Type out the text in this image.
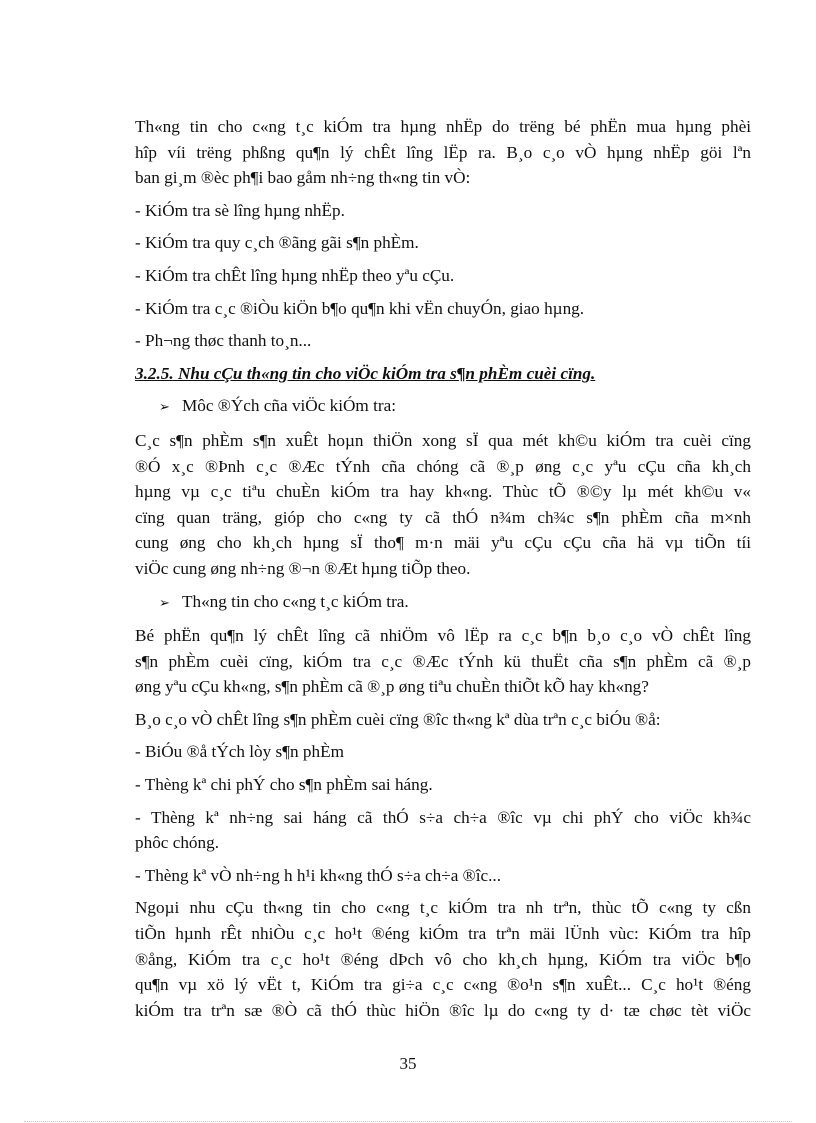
Th«ng tin cho c«ng t¸c kiÓm tra hµng nhËp do trëng bé phËn mua hµng phèi
hîp víi trëng phßng qu¶n lý chÊt lîng lËp ra. B¸o c¸o vÒ hµng nhËp göi lªn
ban gi¸m ®èc ph¶i bao gåm nh÷ng th«ng tin vÒ:
- KiÓm tra sè lîng hµng nhËp.
- KiÓm tra quy c¸ch ®ãng gãi s¶n phÈm.
- KiÓm tra chÊt lîng hµng nhËp theo yªu cÇu.
- KiÓm tra c¸c ®iÒu kiÖn b¶o qu¶n khi vËn chuyÓn, giao hµng.
- Ph¬ng thøc thanh to¸n...
3.2.5. Nhu cÇu th«ng tin cho viÖc kiÓm tra s¶n phÈm cuèi cïng.
➢ Môc ®Ých cña viÖc kiÓm tra:
C¸c s¶n phÈm s¶n xuÊt hoµn thiÖn xong sÏ qua mét kh©u kiÓm tra cuèi cïng
®Ó x¸c ®Þnh c¸c ®Æc tÝnh cña chóng cã ®¸p øng c¸c yªu cÇu cña kh¸ch
hµng vµ c¸c tiªu chuÈn kiÓm tra hay kh«ng. Thùc tÕ ®©y lµ mét kh©u v«
cïng quan träng, gióp cho c«ng ty cã thÓ n¾m ch¾c s¶n phÈm cña m×nh
cung øng cho kh¸ch hµng sÏ tho¶ m·n mäi yªu cÇu cÇu cña hä vµ tiÕn tíi
viÖc cung øng nh÷ng ®¬n ®Æt hµng tiÕp theo.
➢ Th«ng tin cho c«ng t¸c kiÓm tra.
Bé phËn qu¶n lý chÊt lîng cã nhiÖm vô lËp ra c¸c b¶n b¸o c¸o vÒ chÊt lîng
s¶n phÈm cuèi cïng, kiÓm tra c¸c ®Æc tÝnh kü thuËt cña s¶n phÈm cã ®¸p
øng yªu cÇu kh«ng, s¶n phÈm cã ®¸p øng tiªu chuÈn thiÕt kÕ hay kh«ng?
B¸o c¸o vÒ chÊt lîng s¶n phÈm cuèi cïng ®îc th«ng kª dùa trªn c¸c biÓu ®å:
- BiÓu ®å tÝch lòy s¶n phÈm
- Thèng kª chi phÝ cho s¶n phÈm sai háng.
- Thèng kª nh÷ng sai háng cã thÓ s÷a ch÷a ®îc vµ chi phÝ cho viÖc kh¾c
phôc chóng.
- Thèng kª vÒ nh÷ng h h¹i kh«ng thÓ s÷a ch÷a ®îc...
Ngoµi nhu cÇu th«ng tin cho c«ng t¸c kiÓm tra nh trªn, thùc tÕ c«ng ty cßn
tiÕn hµnh rÊt nhiÒu c¸c ho¹t ®éng kiÓm tra trªn mäi lÜnh vùc: KiÓm tra hîp
®ång, KiÓm tra c¸c ho¹t ®éng dÞch vô cho kh¸ch hµng, KiÓm tra viÖc b¶o
qu¶n vµ xö lý vËt t, KiÓm tra gi÷a c¸c c«ng ®o¹n s¶n xuÊt... C¸c ho¹t ®éng
kiÓm tra trªn sæ ®Ò cã thÓ thùc hiÖn ®îc lµ do c«ng ty d· tæ chøc tèt viÖc
35
